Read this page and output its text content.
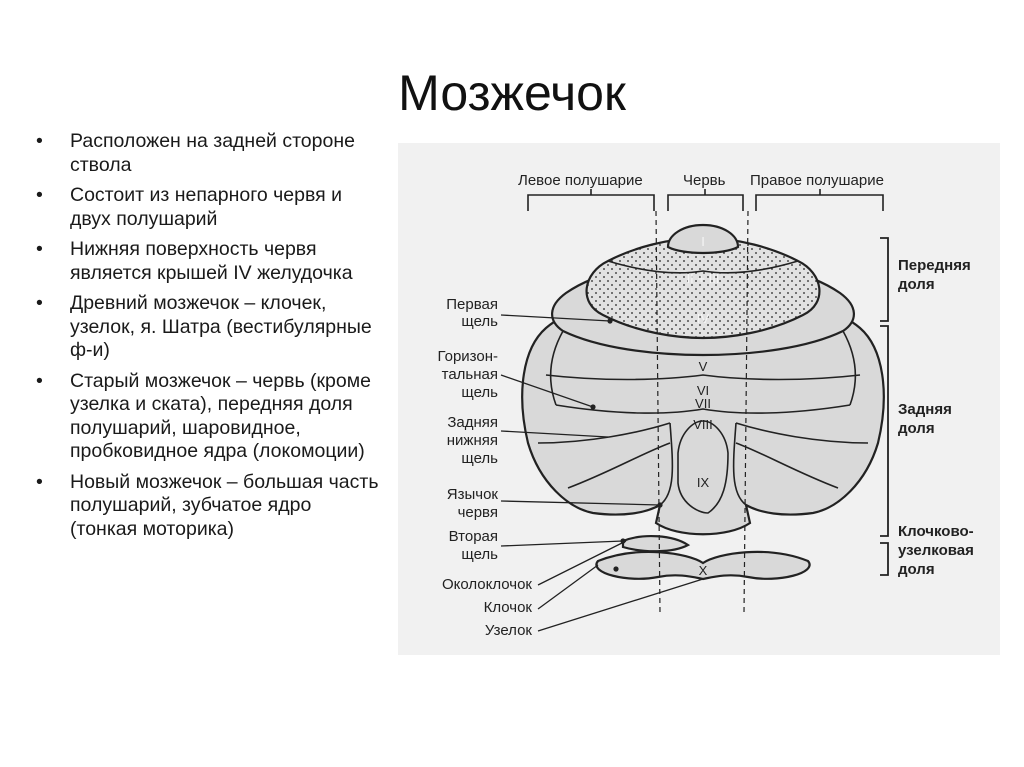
Мозжечок
• Расположен на задней стороне ствола
• Состоит из непарного червя и двух полушарий
• Нижняя поверхность червя является крышей IV желудочка
• Древний мозжечок – клочек, узелок, я. Шатра (вестибулярные ф-и)
• Старый мозжечок – червь (кроме узелка и ската), передняя доля полушарий, шаровидное, пробковидное ядра (локомоции)
• Новый мозжечок – большая часть полушарий, зубчатое ядро (тонкая моторика)
Левое полушарие	Червь Правое полушарие
I
II + III
IV
V
VI
VII
VIII
IX
X
Первая
щель
Горизон-
тальная
щель
Задняя
нижняя
щель
Язычок
червя
Вторая
щель
Околоклочок
Клочок
Узелок
Передняя
доля
Задняя
доля
Клочково-
узелковая
доля
